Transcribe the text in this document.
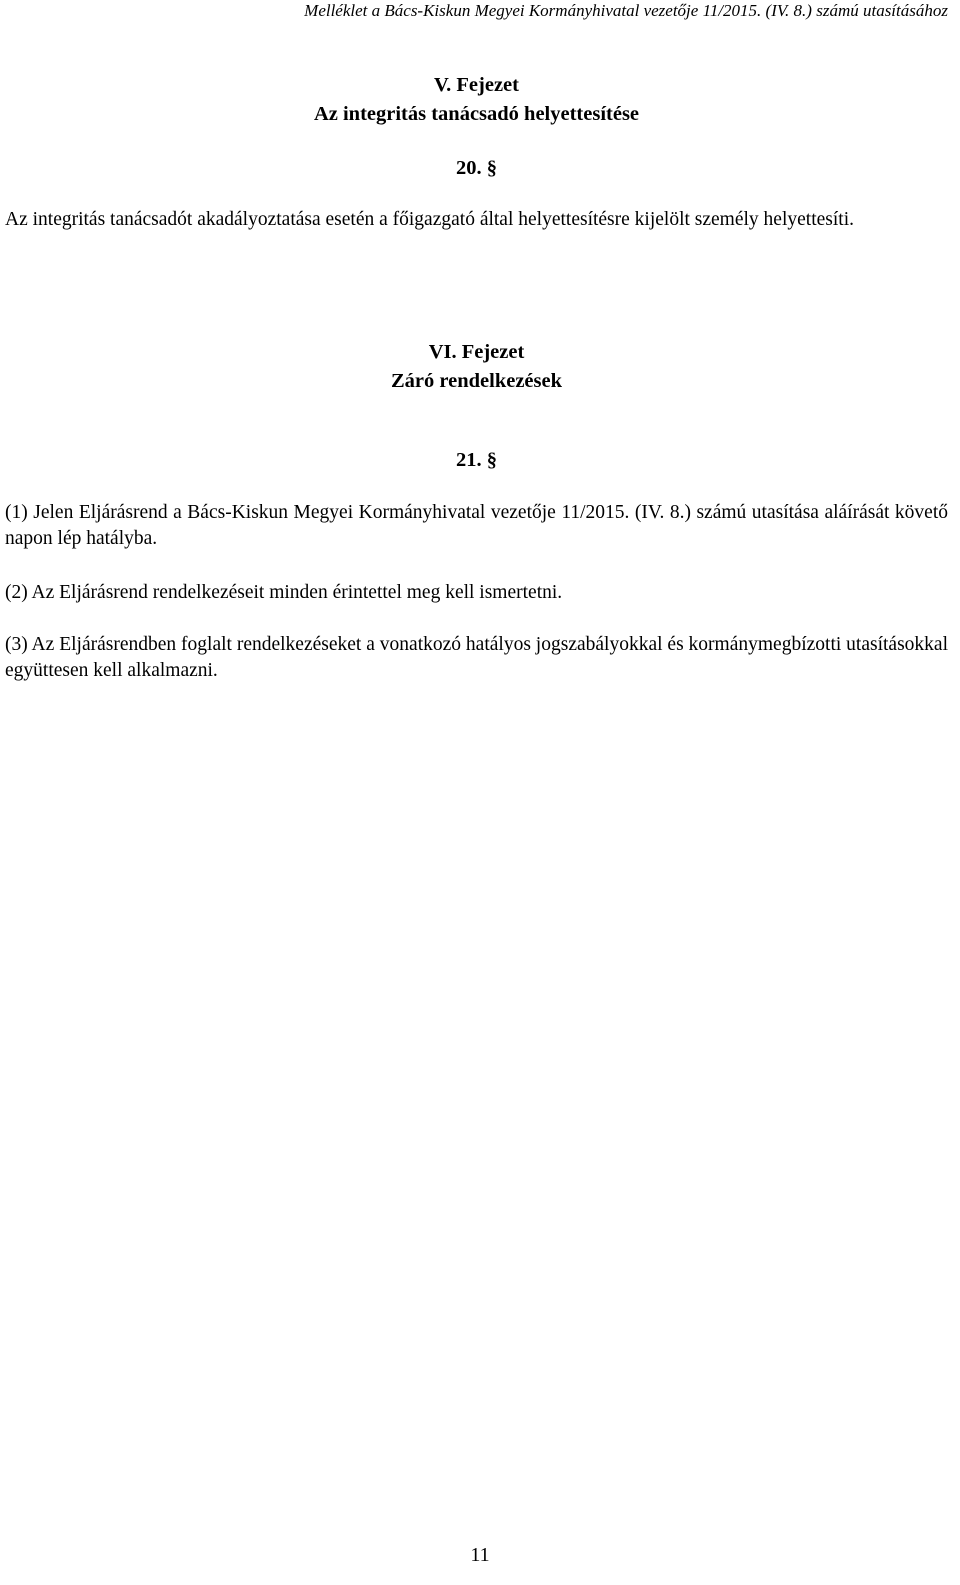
Melléklet a Bács-Kiskun Megyei Kormányhivatal vezetője 11/2015. (IV. 8.) számú utasításához
V. Fejezet
Az integritás tanácsadó helyettesítése
20. §
Az integritás tanácsadót akadályoztatása esetén a főigazgató által helyettesítésre kijelölt személy helyettesíti.
VI. Fejezet
Záró rendelkezések
21. §
(1) Jelen Eljárásrend a Bács-Kiskun Megyei Kormányhivatal vezetője 11/2015. (IV. 8.) számú utasítása aláírását követő napon lép hatályba.
(2) Az Eljárásrend rendelkezéseit minden érintettel meg kell ismertetni.
(3) Az Eljárásrendben foglalt rendelkezéseket a vonatkozó hatályos jogszabályokkal és kormánymegbízotti utasításokkal együttesen kell alkalmazni.
11
